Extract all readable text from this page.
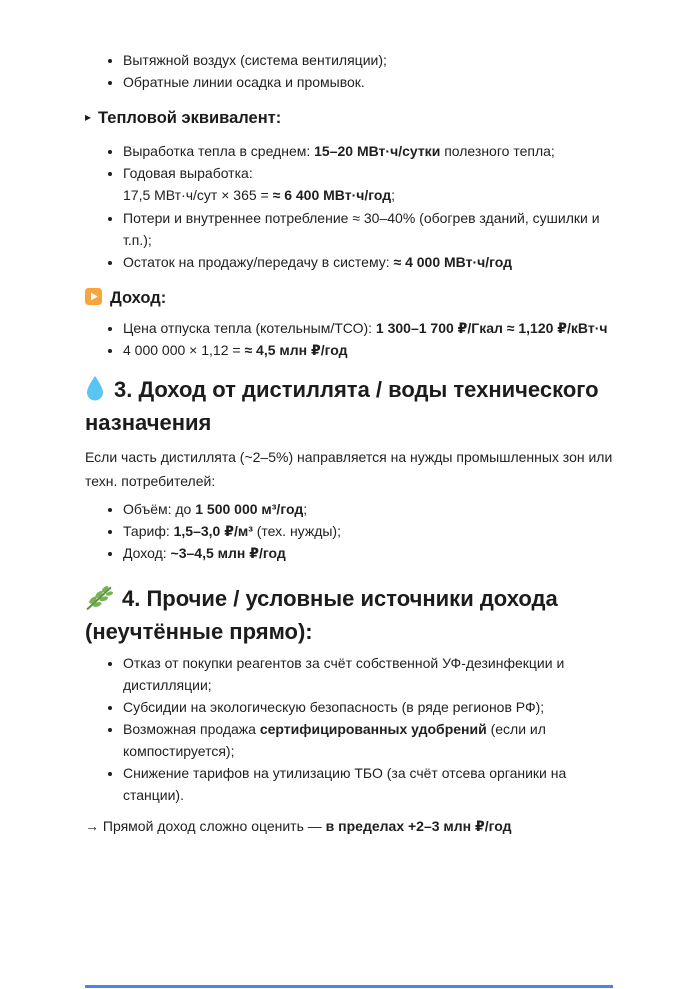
• Вытяжной воздух (система вентиляции);
• Обратные линии осадка и промывок.
▸ Тепловой эквивалент:
• Выработка тепла в среднем: 15–20 МВт·ч/сутки полезного тепла;
• Годовая выработка:
17,5 МВт·ч/сут × 365 = ≈ 6 400 МВт·ч/год;
• Потери и внутреннее потребление ≈ 30–40% (обогрев зданий, сушилки и т.п.);
• Остаток на продажу/передачу в систему: ≈ 4 000 МВт·ч/год
Доход:
• Цена отпуска тепла (котельным/ТСО): 1 300–1 700 ₽/Гкал ≈ 1,120 ₽/кВт·ч
• 4 000 000 × 1,12 = ≈ 4,5 млн ₽/год
3. Доход от дистиллята / воды технического назначения

Если часть дистиллята (~2–5%) направляется на нужды промышленных зон или техн. потребителей:

• Объём: до 1 500 000 м³/год;
• Тариф: 1,5–3,0 ₽/м³ (тех. нужды);
• Доход: ~3–4,5 млн ₽/год
4. Прочие / условные источники дохода (неучтённые прямо):
• Отказ от покупки реагентов за счёт собственной УФ-дезинфекции и дистилляции;
• Субсидии на экологическую безопасность (в ряде регионов РФ);
• Возможная продажа сертифицированных удобрений (если ил компостируется);
• Снижение тарифов на утилизацию ТБО (за счёт отсева органики на станции).

→ Прямой доход сложно оценить — в пределах +2–3 млн ₽/год
